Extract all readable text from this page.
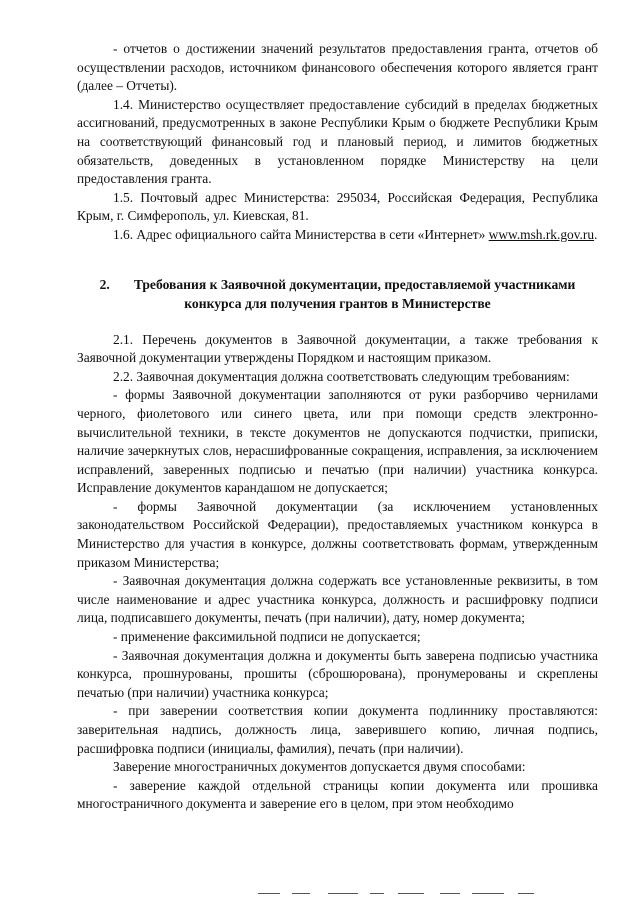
- отчетов о достижении значений результатов предоставления гранта, отчетов об осуществлении расходов, источником финансового обеспечения которого является грант (далее – Отчеты).

1.4. Министерство осуществляет предоставление субсидий в пределах бюджетных ассигнований, предусмотренных в законе Республики Крым о бюджете Республики Крым на соответствующий финансовый год и плановый период, и лимитов бюджетных обязательств, доведенных в установленном порядке Министерству на цели предоставления гранта.

1.5. Почтовый адрес Министерства: 295034, Российская Федерация, Республика Крым, г. Симферополь, ул. Киевская, 81.

1.6. Адрес официального сайта Министерства в сети «Интернет» www.msh.rk.gov.ru.

2. Требования к Заявочной документации, предоставляемой участниками конкурса для получения грантов в Министерстве

2.1. Перечень документов в Заявочной документации, а также требования к Заявочной документации утверждены Порядком и настоящим приказом.

2.2. Заявочная документация должна соответствовать следующим требованиям:

- формы Заявочной документации заполняются от руки разборчиво чернилами черного, фиолетового или синего цвета, или при помощи средств электронно-вычислительной техники, в тексте документов не допускаются подчистки, приписки, наличие зачеркнутых слов, нерасшифрованные сокращения, исправления, за исключением исправлений, заверенных подписью и печатью (при наличии) участника конкурса. Исправление документов карандашом не допускается;

- формы Заявочной документации (за исключением установленных законодательством Российской Федерации), предоставляемых участником конкурса в Министерство для участия в конкурсе, должны соответствовать формам, утвержденным приказом Министерства;

- Заявочная документация должна содержать все установленные реквизиты, в том числе наименование и адрес участника конкурса, должность и расшифровку подписи лица, подписавшего документы, печать (при наличии), дату, номер документа;

- применение факсимильной подписи не допускается;

- Заявочная документация должна и документы быть заверена подписью участника конкурса, прошнурованы, прошиты (сброшюрована), пронумерованы и скреплены печатью (при наличии) участника конкурса;

- при заверении соответствия копии документа подлиннику проставляются: заверительная надпись, должность лица, заверившего копию, личная подпись, расшифровка подписи (инициалы, фамилия), печать (при наличии).

Заверение многостраничных документов допускается двумя способами:

- заверение каждой отдельной страницы копии документа или прошивка многостраничного документа и заверение его в целом, при этом необходимо
